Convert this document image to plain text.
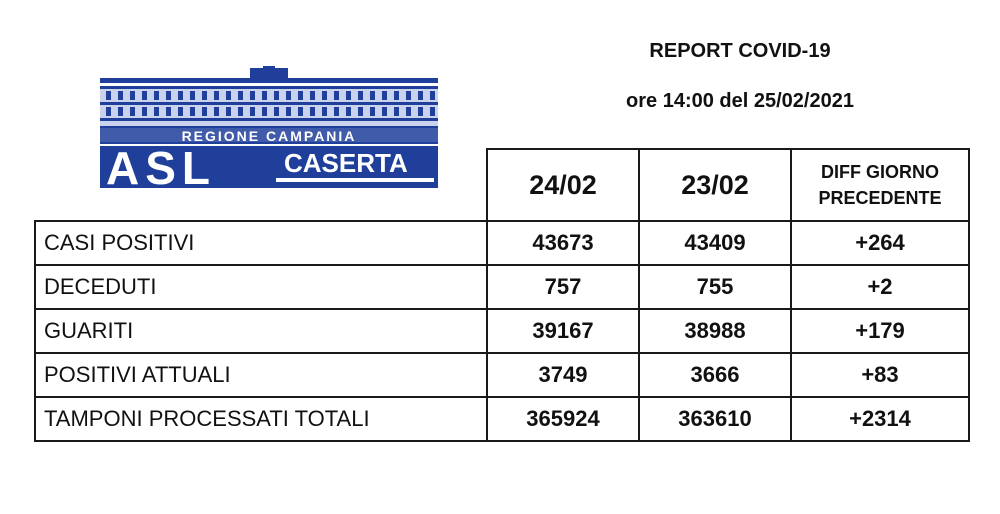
REPORT COVID-19
ore 14:00 del 25/02/2021
REGIONE CAMPANIA
ASL	CASERTA
	24/02	23/02	DIFF GIORNO
PRECEDENTE

CASI POSITIVI	43673	43409	+264
DECEDUTI	757	755	+2
GUARITI	39167	38988	+179
POSITIVI ATTUALI	3749	3666	+83
TAMPONI PROCESSATI TOTALI	365924	363610	+2314
